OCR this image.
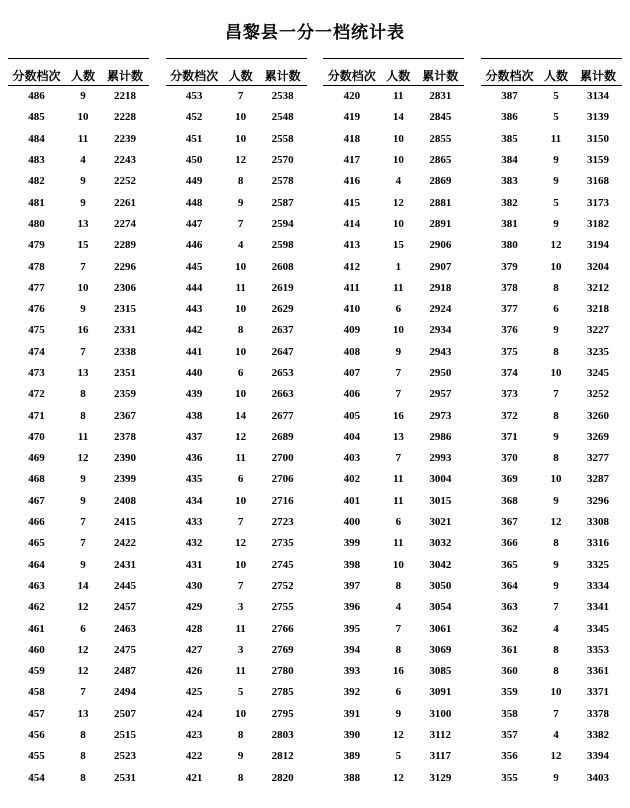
昌黎县一分一档统计表
分数档次	人数	累计数
486	9	2218
485	10	2228
484	11	2239
483	4	2243
482	9	2252
481	9	2261
480	13	2274
479	15	2289
478	7	2296
477	10	2306
476	9	2315
475	16	2331
474	7	2338
473	13	2351
472	8	2359
471	8	2367
470	11	2378
469	12	2390
468	9	2399
467	9	2408
466	7	2415
465	7	2422
464	9	2431
463	14	2445
462	12	2457
461	6	2463
460	12	2475
459	12	2487
458	7	2494
457	13	2507
456	8	2515
455	8	2523
454	8	2531
分数档次	人数	累计数
453	7	2538
452	10	2548
451	10	2558
450	12	2570
449	8	2578
448	9	2587
447	7	2594
446	4	2598
445	10	2608
444	11	2619
443	10	2629
442	8	2637
441	10	2647
440	6	2653
439	10	2663
438	14	2677
437	12	2689
436	11	2700
435	6	2706
434	10	2716
433	7	2723
432	12	2735
431	10	2745
430	7	2752
429	3	2755
428	11	2766
427	3	2769
426	11	2780
425	5	2785
424	10	2795
423	8	2803
422	9	2812
421	8	2820
分数档次	人数	累计数
420	11	2831
419	14	2845
418	10	2855
417	10	2865
416	4	2869
415	12	2881
414	10	2891
413	15	2906
412	1	2907
411	11	2918
410	6	2924
409	10	2934
408	9	2943
407	7	2950
406	7	2957
405	16	2973
404	13	2986
403	7	2993
402	11	3004
401	11	3015
400	6	3021
399	11	3032
398	10	3042
397	8	3050
396	4	3054
395	7	3061
394	8	3069
393	16	3085
392	6	3091
391	9	3100
390	12	3112
389	5	3117
388	12	3129
分数档次	人数	累计数
387	5	3134
386	5	3139
385	11	3150
384	9	3159
383	9	3168
382	5	3173
381	9	3182
380	12	3194
379	10	3204
378	8	3212
377	6	3218
376	9	3227
375	8	3235
374	10	3245
373	7	3252
372	8	3260
371	9	3269
370	8	3277
369	10	3287
368	9	3296
367	12	3308
366	8	3316
365	9	3325
364	9	3334
363	7	3341
362	4	3345
361	8	3353
360	8	3361
359	10	3371
358	7	3378
357	4	3382
356	12	3394
355	9	3403
